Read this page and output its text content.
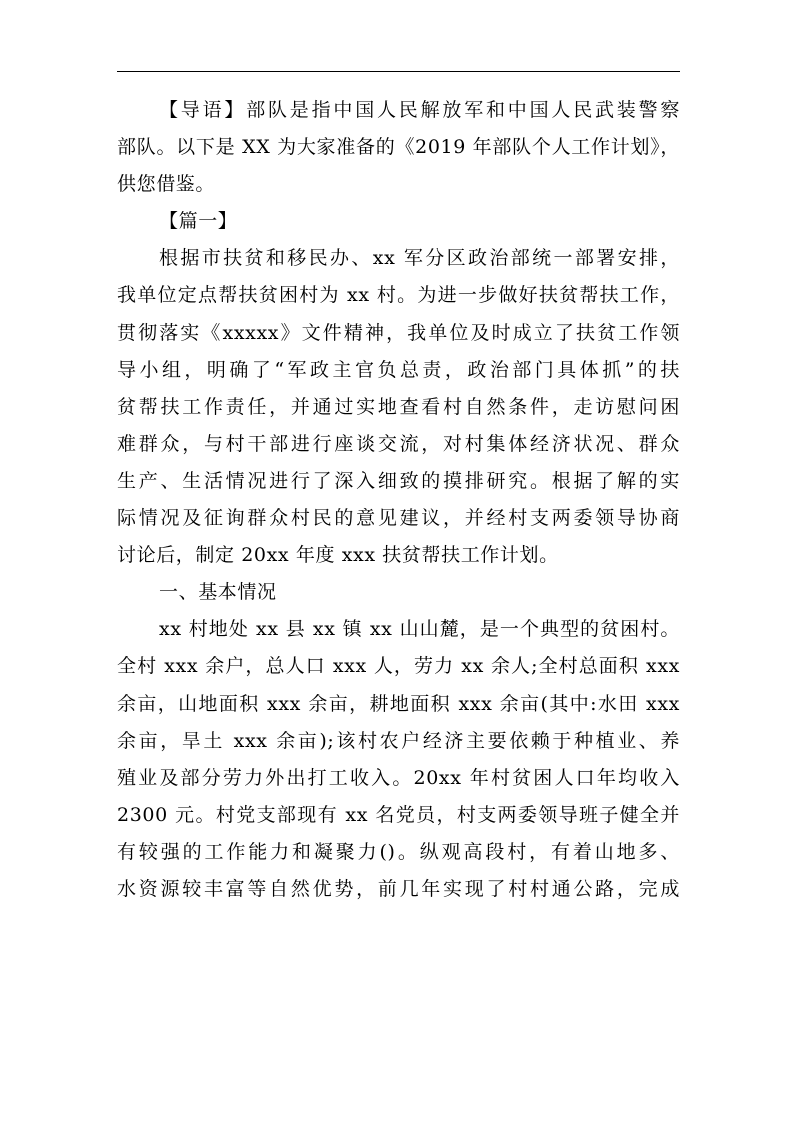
【导语】部队是指中国人民解放军和中国人民武装警察
部队。以下是 XX 为大家准备的《2019 年部队个人工作计划》，
供您借鉴。
【篇一】
根据市扶贫和移民办、xx 军分区政治部统一部署安排，
我单位定点帮扶贫困村为 xx 村。为进一步做好扶贫帮扶工作，
贯彻落实《xxxxx》文件精神，我单位及时成立了扶贫工作领
导小组，明确了“军政主官负总责，政治部门具体抓”的扶
贫帮扶工作责任，并通过实地查看村自然条件，走访慰问困
难群众，与村干部进行座谈交流，对村集体经济状况、群众
生产、生活情况进行了深入细致的摸排研究。根据了解的实
际情况及征询群众村民的意见建议，并经村支两委领导协商
讨论后，制定 20xx 年度 xxx 扶贫帮扶工作计划。
一、基本情况
xx 村地处 xx 县 xx 镇 xx 山山麓，是一个典型的贫困村。
全村 xxx 余户，总人口 xxx 人，劳力 xx 余人;全村总面积 xxx
余亩，山地面积 xxx 余亩，耕地面积 xxx 余亩(其中:水田 xxx
余亩，旱土 xxx 余亩);该村农户经济主要依赖于种植业、养
殖业及部分劳力外出打工收入。20xx 年村贫困人口年均收入
2300 元。村党支部现有 xx 名党员，村支两委领导班子健全并
有较强的工作能力和凝聚力()。纵观高段村，有着山地多、
水资源较丰富等自然优势，前几年实现了村村通公路，完成
